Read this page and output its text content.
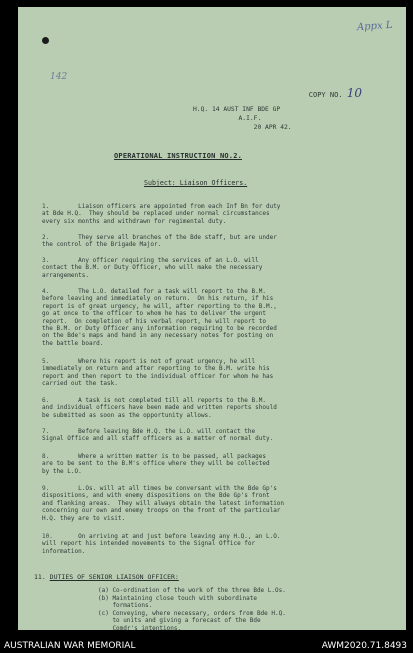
Appx L
142
COPY NO. 10
H.Q. 14 AUST INF BDE GP
A.I.F.
20 APR 42.
OPERATIONAL INSTRUCTION NO.2.
Subject: Liaison Officers.
1.	Liaison officers are appointed from each Inf Bn for duty
at Bde H.Q.  They should be replaced under normal circumstances
every six months and withdrawn for regimental duty.
2.	They serve all branches of the Bde staff, but are under
the control of the Brigade Major.
3.	Any officer requiring the services of an L.O. will
contact the B.M. or Duty Officer, who will make the necessary
arrangements.
4.	The L.O. detailed for a task will report to the B.M.
before leaving and immediately on return.  On his return, if his
report is of great urgency, he will, after reporting to the B.M.,
go at once to the officer to whom he has to deliver the urgent
report.  On completion of his verbal report, he will report to
the B.M. or Duty Officer any information requiring to be recorded
on the Bde's maps and hand in any necessary notes for posting on
the battle board.
5.	Where his report is not of great urgency, he will
immediately on return and after reporting to the B.M. write his
report and then report to the individual officer for whom he has
carried out the task.
6.	A task is not completed till all reports to the B.M.
and individual officers have been made and written reports should
be submitted as soon as the opportunity allows.
7.	Before leaving Bde H.Q. the L.O. will contact the
Signal Office and all staff officers as a matter of normal duty.
8.	Where a written matter is to be passed, all packages
are to be sent to the B.M's office where they will be collected
by the L.O.
9.	L.Os. will at all times be conversant with the Bde Gp's
dispositions, and with enemy dispositions on the Bde Gp's front
and flanking areas.  They will always obtain the latest information
concerning our own and enemy troops on the front of the particular
H.Q. they are to visit.
10.	On arriving at and just before leaving any H.Q., an L.O.
will report his intended movements to the Signal Office for
information.
11. DUTIES OF SENIOR LIAISON OFFICER:
(a) Co-ordination of the work of the three Bde L.Os.
(b) Maintaining close touch with subordinate
formations.
(c) Conveying, where necessary, orders from Bde H.Q.
to units and giving a forecast of the Bde
Comdr's intentions.
AUSTRALIAN WAR MEMORIAL	AWM2020.71.8493
